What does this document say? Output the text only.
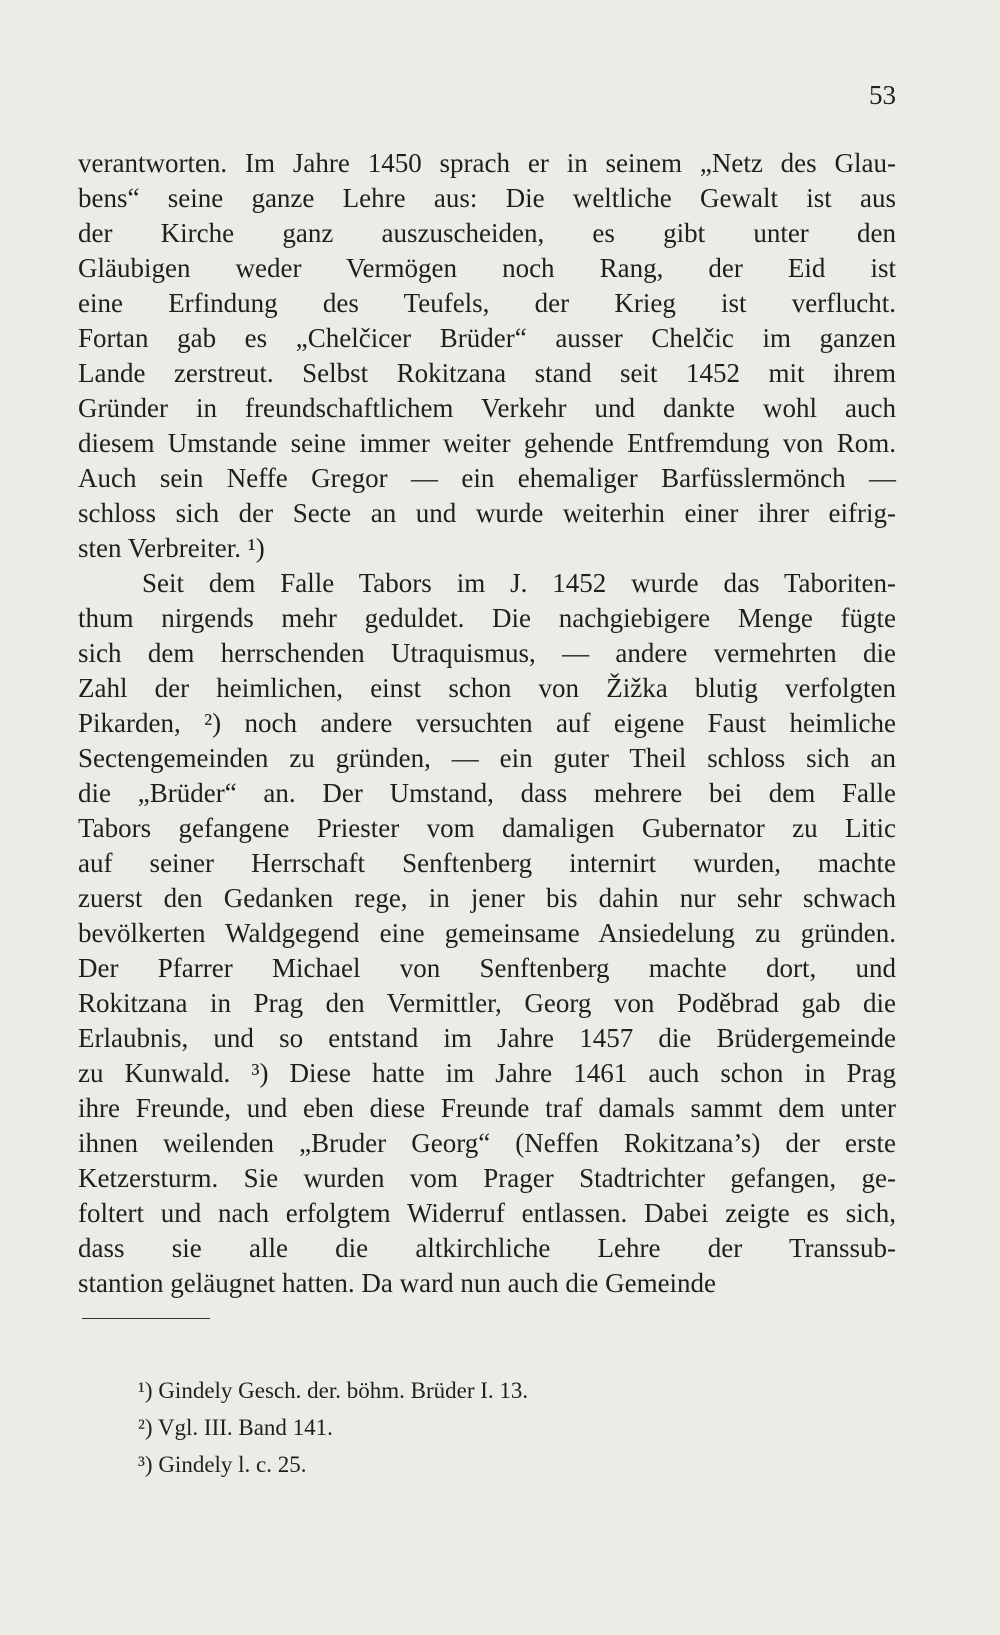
53
verantworten. Im Jahre 1450 sprach er in seinem „Netz des Glau-
bens“ seine ganze Lehre aus: Die weltliche Gewalt ist aus
der Kirche ganz auszuscheiden, es gibt unter den
Gläubigen weder Vermögen noch Rang, der Eid ist
eine Erfindung des Teufels, der Krieg ist verflucht.
Fortan gab es „Chelčicer Brüder“ ausser Chelčic im ganzen
Lande zerstreut. Selbst Rokitzana stand seit 1452 mit ihrem
Gründer in freundschaftlichem Verkehr und dankte wohl auch
diesem Umstande seine immer weiter gehende Entfremdung von Rom.
Auch sein Neffe Gregor — ein ehemaliger Barfüsslermönch —
schloss sich der Secte an und wurde weiterhin einer ihrer eifrig-
sten Verbreiter. ¹)
Seit dem Falle Tabors im J. 1452 wurde das Taboriten-
thum nirgends mehr geduldet. Die nachgiebigere Menge fügte
sich dem herrschenden Utraquismus, — andere vermehrten die
Zahl der heimlichen, einst schon von Žižka blutig verfolgten
Pikarden, ²) noch andere versuchten auf eigene Faust heimliche
Sectengemeinden zu gründen, — ein guter Theil schloss sich an
die „Brüder“ an. Der Umstand, dass mehrere bei dem Falle
Tabors gefangene Priester vom damaligen Gubernator zu Litic
auf seiner Herrschaft Senftenberg internirt wurden, machte
zuerst den Gedanken rege, in jener bis dahin nur sehr schwach
bevölkerten Waldgegend eine gemeinsame Ansiedelung zu gründen.
Der Pfarrer Michael von Senftenberg machte dort, und
Rokitzana in Prag den Vermittler, Georg von Poděbrad gab die
Erlaubnis, und so entstand im Jahre 1457 die Brüdergemeinde
zu Kunwald. ³) Diese hatte im Jahre 1461 auch schon in Prag
ihre Freunde, und eben diese Freunde traf damals sammt dem unter
ihnen weilenden „Bruder Georg“ (Neffen Rokitzana’s) der erste
Ketzersturm. Sie wurden vom Prager Stadtrichter gefangen, ge-
foltert und nach erfolgtem Widerruf entlassen. Dabei zeigte es sich,
dass sie alle die altkirchliche Lehre der Transsub-
stantion geläugnet hatten. Da ward nun auch die Gemeinde
¹) Gindely Gesch. der. böhm. Brüder I. 13.
²) Vgl. III. Band 141.
³) Gindely l. c. 25.
